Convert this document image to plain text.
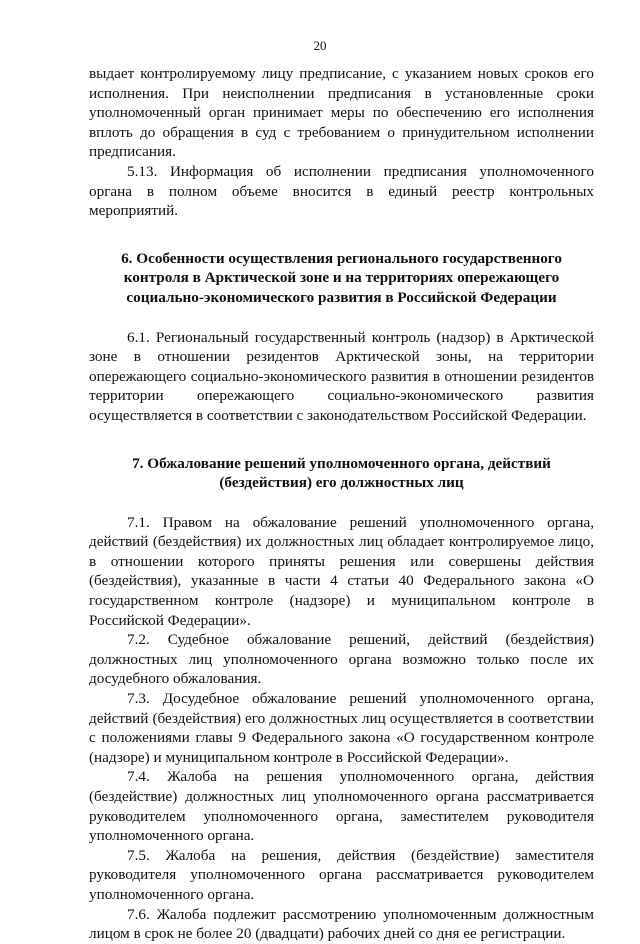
20

выдает контролируемому лицу предписание, с указанием новых сроков его исполнения. При неисполнении предписания в установленные сроки уполномоченный орган принимает меры по обеспечению его исполнения вплоть до обращения в суд с требованием о принудительном исполнении предписания.

5.13. Информация об исполнении предписания уполномоченного органа в полном объеме вносится в единый реестр контрольных мероприятий.

6. Особенности осуществления регионального государственного контроля в Арктической зоне и на территориях опережающего социально-экономического развития в Российской Федерации

6.1. Региональный государственный контроль (надзор) в Арктической зоне в отношении резидентов Арктической зоны, на территории опережающего социально-экономического развития в отношении резидентов территории опережающего социально-экономического развития осуществляется в соответствии с законодательством Российской Федерации.

7. Обжалование решений уполномоченного органа, действий (бездействия) его должностных лиц

7.1. Правом на обжалование решений уполномоченного органа, действий (бездействия) их должностных лиц обладает контролируемое лицо, в отношении которого приняты решения или совершены действия (бездействия), указанные в части 4 статьи 40 Федерального закона «О государственном контроле (надзоре) и муниципальном контроле в Российской Федерации».

7.2. Судебное обжалование решений, действий (бездействия) должностных лиц уполномоченного органа возможно только после их досудебного обжалования.

7.3. Досудебное обжалование решений уполномоченного органа, действий (бездействия) его должностных лиц осуществляется в соответствии с положениями главы 9 Федерального закона «О государственном контроле (надзоре) и муниципальном контроле в Российской Федерации».

7.4. Жалоба на решения уполномоченного органа, действия (бездействие) должностных лиц уполномоченного органа рассматривается руководителем уполномоченного органа, заместителем руководителя уполномоченного органа.

7.5. Жалоба на решения, действия (бездействие) заместителя руководителя уполномоченного органа рассматривается руководителем уполномоченного органа.

7.6. Жалоба подлежит рассмотрению уполномоченным должностным лицом в срок не более 20 (двадцати) рабочих дней со дня ее регистрации.
